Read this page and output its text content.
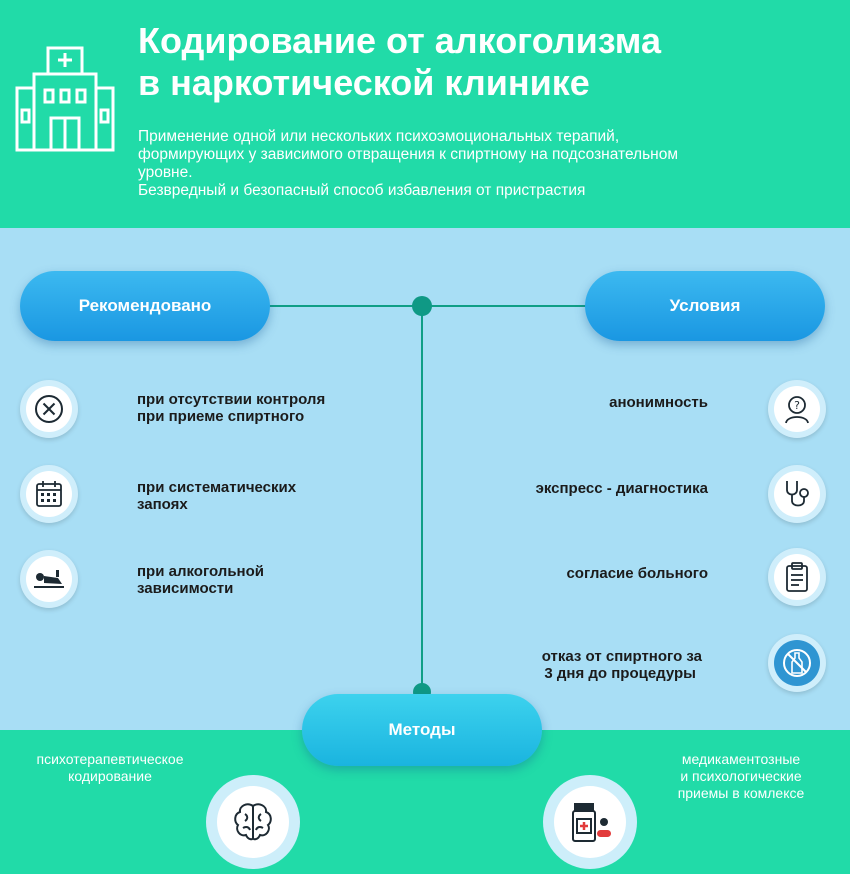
Кодирование от алкоголизма
в наркотической клинике
Применение одной или нескольких психоэмоциональных терапий,
формирующих у зависимого отвращения к спиртному на подсознательном
уровне.
Безвредный и безопасный способ избавления от пристрастия
Рекомендовано	Условия
Методы
при отсутствии контроля
при приеме спиртного
при систематических
запоях
при алкогольной
зависимости
?
анонимность
экспресс - диагностика
согласие больного
отказ от спиртного за
3 дня до процедуры
психотерапевтическое
кодирование
медикаментозные
и психологические
приемы в комлексе
